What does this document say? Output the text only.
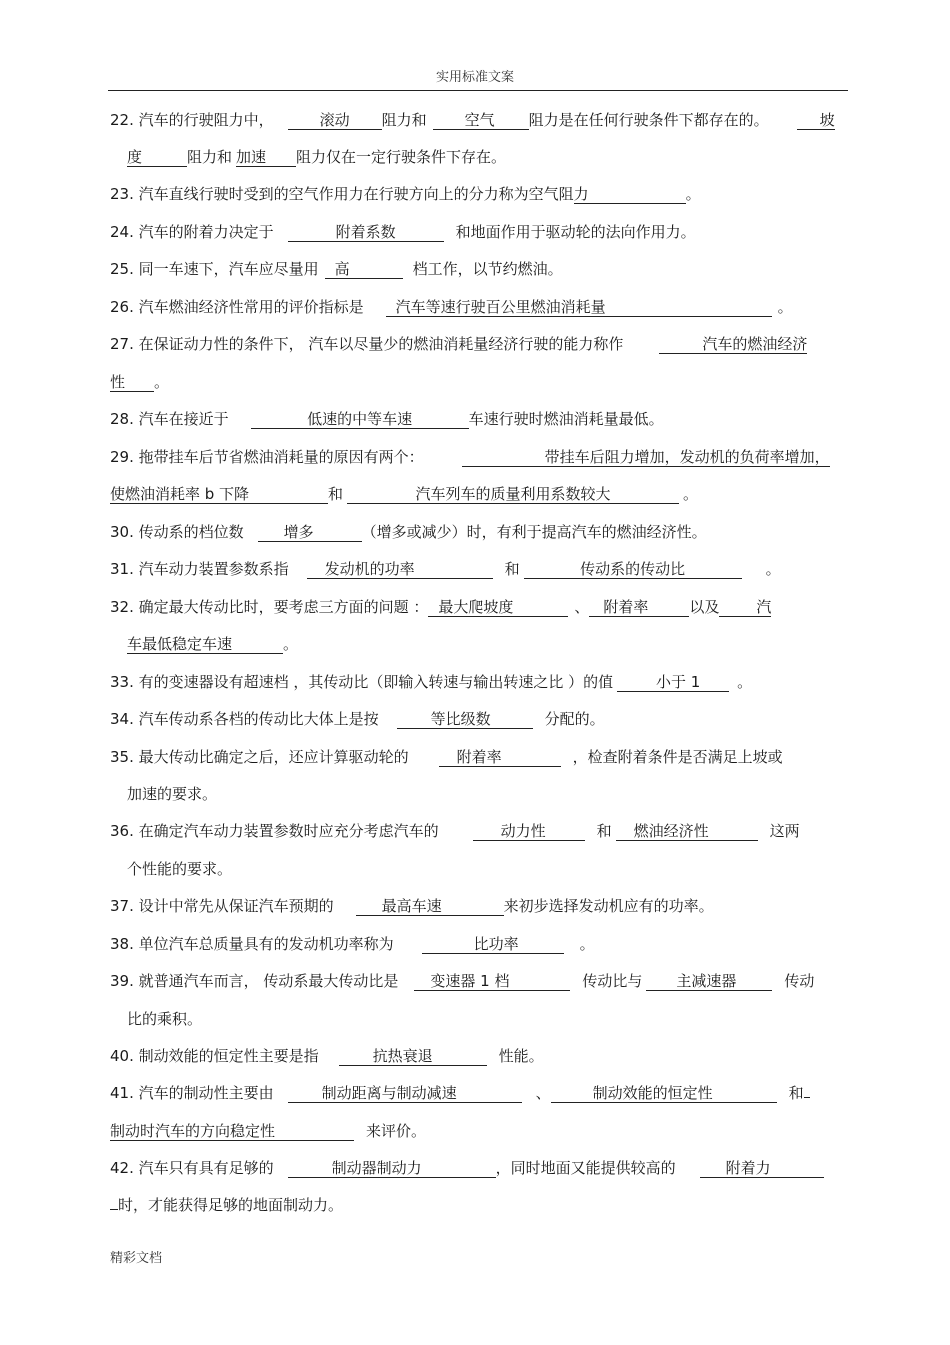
实用标准文案
22. 汽车的行驶阻力中，	滚动 阻力和	空气 阻力是在任何行驶条件下都存在的。	坡
度	阻力和 加速 阻力仅在一定行驶条件下存在。
23. 汽车直线行驶时受到的空气作用力在行驶方向上的分力称为空气阻力	。
24. 汽车的附着力决定于	附着系数	和地面作用于驱动轮的法向作用力。
25. 同一车速下，汽车应尽量用 高	档工作，以节约燃油。
26. 汽车燃油经济性常用的评价指标是 汽车等速行驶百公里燃油消耗量	。
27. 在保证动力性的条件下， 汽车以尽量少的燃油消耗量经济行驶的能力称作	汽车的燃油经济
性 。
28. 汽车在接近于	低速的中等车速	车速行驶时燃油消耗量最低。
29. 拖带挂车后节省燃油消耗量的原因有两个：	带挂车后阻力增加，发动机的负荷率增加，
使燃油消耗率 b 下降	和	汽车列车的质量利用系数较大	。
30. 传动系的档位数	增多	（增多或减少）时，有利于提高汽车的燃油经济性。
31. 汽车动力装置参数系指 发动机的功率	和	传动系的传动比	。
32. 确定最大传动比时，要考虑三方面的问题 ： 最大爬坡度	、 附着率	以及 汽
车最低稳定车速	。
33. 有的变速器设有超速档 ，其传动比（即输入转速与输出转速之比 ）的值	小于 1 。
34. 汽车传动系各档的传动比大体上是按	等比级数	分配的。
35. 最大传动比确定之后，还应计算驱动轮的	附着率	，检查附着条件是否满足上坡或
加速的要求。
36. 在确定汽车动力装置参数时应充分考虑汽车的	动力性	和 燃油经济性	这两
个性能的要求。
37. 设计中常先从保证汽车预期的	最高车速	来初步选择发动机应有的功率。
38. 单位汽车总质量具有的发动机功率称为	比功率	。
39. 就普通汽车而言， 传动系最大传动比是 变速器 1 档	传动比与 主减速器	传动
比的乘积。
40. 制动效能的恒定性主要是指	抗热衰退	性能。
41. 汽车的制动性主要由	制动距离与制动减速	、	制动效能的恒定性	和
制动时汽车的方向稳定性	来评价。
42. 汽车只有具有足够的	制动器制动力	，同时地面又能提供较高的	附着力
时，才能获得足够的地面制动力。
精彩文档
